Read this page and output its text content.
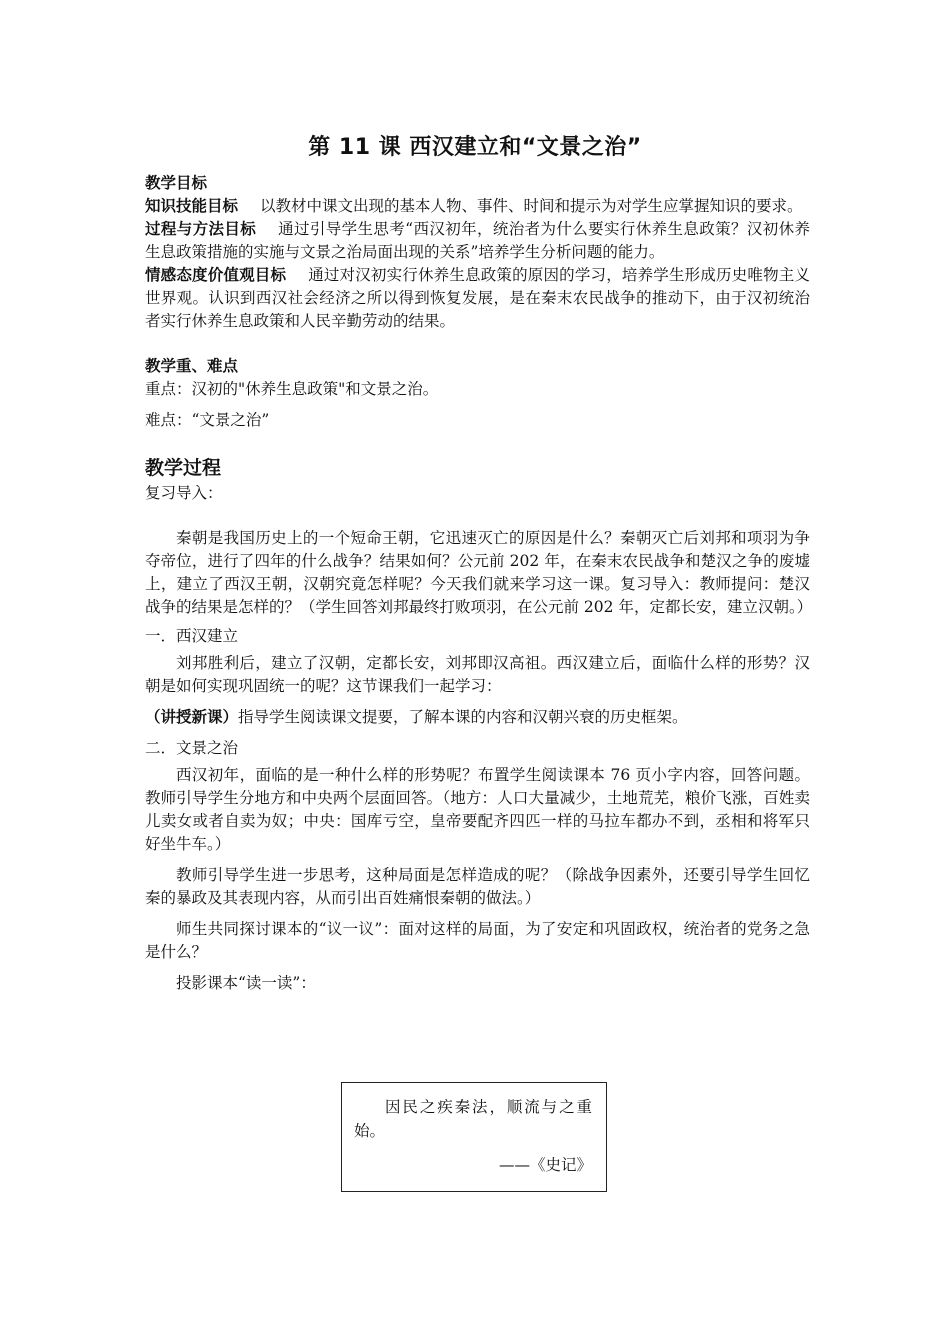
第 11 课 西汉建立和“文景之治”
教学目标

知识技能目标 以教材中课文出现的基本人物、事件、时间和提示为对学生应掌握知识的要求。

过程与方法目标 通过引导学生思考“西汉初年，统治者为什么要实行休养生息政策？汉初休养生息政策措施的实施与文景之治局面出现的关系”培养学生分析问题的能力。

情感态度价值观目标 通过对汉初实行休养生息政策的原因的学习，培养学生形成历史唯物主义世界观。认识到西汉社会经济之所以得到恢复发展，是在秦末农民战争的推动下，由于汉初统治者实行休养生息政策和人民辛勤劳动的结果。

教学重、难点

重点：汉初的"休养生息政策"和文景之治。

难点：“文景之治”

教学过程

复习导入：

秦朝是我国历史上的一个短命王朝，它迅速灭亡的原因是什么？秦朝灭亡后刘邦和项羽为争夺帝位，进行了四年的什么战争？结果如何？公元前 202 年，在秦末农民战争和楚汉之争的废墟上，建立了西汉王朝，汉朝究竟怎样呢？今天我们就来学习这一课。复习导入：教师提问：楚汉战争的结果是怎样的？（学生回答刘邦最终打败项羽，在公元前 202 年，定都长安，建立汉朝。）

一．西汉建立

刘邦胜利后，建立了汉朝，定都长安，刘邦即汉高祖。西汉建立后，面临什么样的形势？汉朝是如何实现巩固统一的呢？这节课我们一起学习：

（讲授新课）指导学生阅读课文提要，了解本课的内容和汉朝兴衰的历史框架。

二．文景之治

西汉初年，面临的是一种什么样的形势呢？布置学生阅读课本 76 页小字内容，回答问题。教师引导学生分地方和中央两个层面回答。（地方：人口大量减少，土地荒芜，粮价飞涨，百姓卖儿卖女或者自卖为奴；中央：国库亏空，皇帝要配齐四匹一样的马拉车都办不到，丞相和将军只好坐牛车。）

教师引导学生进一步思考，这种局面是怎样造成的呢？（除战争因素外，还要引导学生回忆秦的暴政及其表现内容，从而引出百姓痛恨秦朝的做法。）

师生共同探讨课本的“议一议”：面对这样的局面，为了安定和巩固政权，统治者的党务之急是什么？

投影课本“读一读”：

因民之疾秦法，顺流与之重始。

——《史记》
